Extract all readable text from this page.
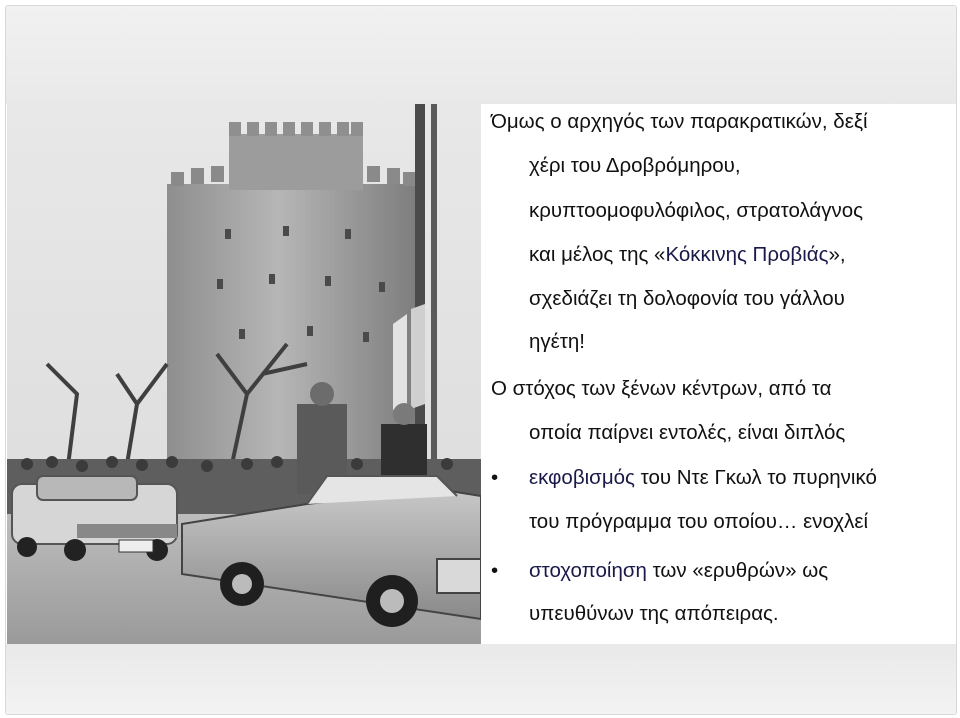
Όμως ο αρχηγός των παρακρατικών, δεξί
χέρι του Δροβρόμηρου,
κρυπτοομοφυλόφιλος, στρατολάγνος
και μέλος της «Κόκκινης Προβιάς»,
σχεδιάζει τη δολοφονία του γάλλου
ηγέτη!
Ο στόχος των ξένων κέντρων, από τα
οποία παίρνει εντολές, είναι διπλός
• εκφοβισμός του Ντε Γκωλ το πυρηνικό
του πρόγραμμα του οποίου… ενοχλεί
• στοχοποίηση των «ερυθρών» ως
υπευθύνων της απόπειρας.
